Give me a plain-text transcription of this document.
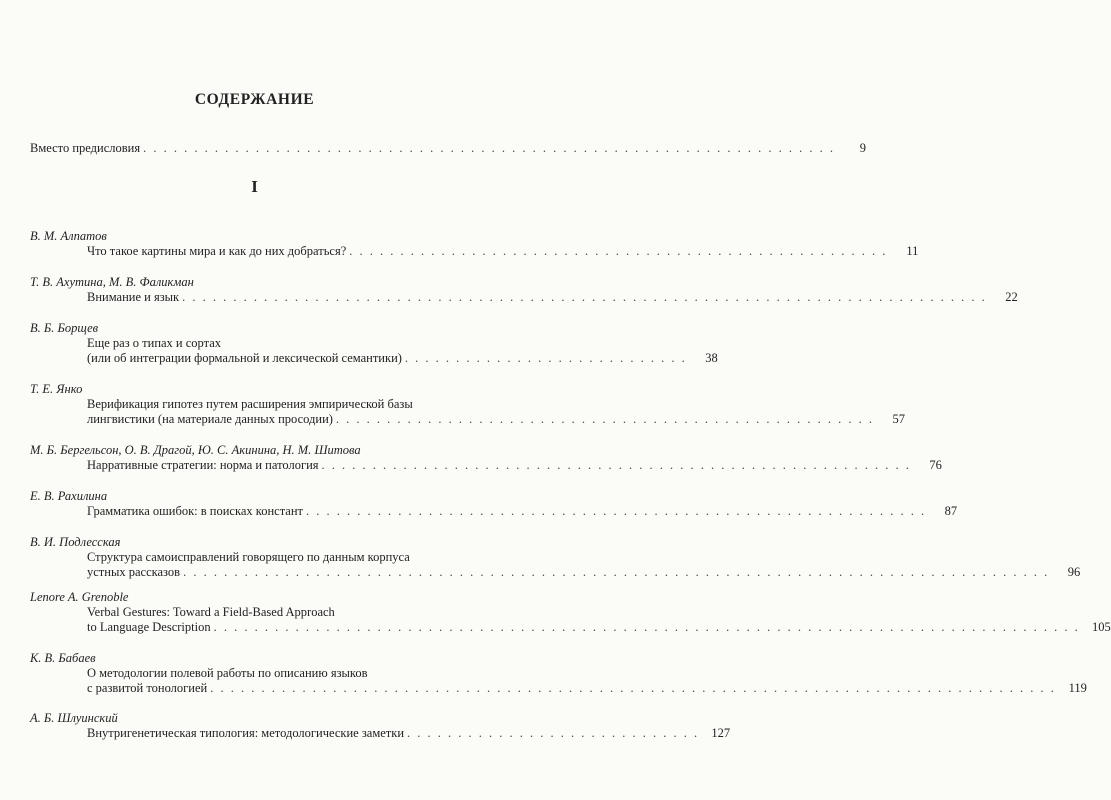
СОДЕРЖАНИЕ
Вместо предисловия . . . . . . . . . . . . . . . . . . . . . . . . . . . . . . . . . . . . . . . . . . . . . . . . . . . . . . . . . . . . . . . . . . . .	9
I
В. М. Алпатов
Что такое картины мира и как до них добраться? . . . . . . . . . . . . . . . . . . . . . . . . . . . . . . . . . . . . . . . . . . . . . . . . . . . . .	11
Т. В. Ахутина, М. В. Фаликман
Внимание и язык . . . . . . . . . . . . . . . . . . . . . . . . . . . . . . . . . . . . . . . . . . . . . . . . . . . . . . . . . . . . . . . . . . . . . . . . . . . . . . .	22
В. Б. Борщев
Еще раз о типах и сортах
(или об интеграции формальной и лексической семантики) . . . . . . . . . . . . . . . . . . . . . . . . . . . .	38
Т. Е. Янко
Верификация гипотез путем расширения эмпирической базы
лингвистики (на материале данных просодии) . . . . . . . . . . . . . . . . . . . . . . . . . . . . . . . . . . . . . . . . . . . . . . . . . . . . .	57
М. Б. Бергельсон, О. В. Драгой, Ю. С. Акинина, Н. М. Шитова
Нарративные стратегии: норма и патология . . . . . . . . . . . . . . . . . . . . . . . . . . . . . . . . . . . . . . . . . . . . . . . . . . . . . . . . . .	76
Е. В. Рахилина
Грамматика ошибок: в поисках констант . . . . . . . . . . . . . . . . . . . . . . . . . . . . . . . . . . . . . . . . . . . . . . . . . . . . . . . . . . . . .	87
В. И. Подлесская
Структура самоисправлений говорящего по данным корпуса
устных рассказов . . . . . . . . . . . . . . . . . . . . . . . . . . . . . . . . . . . . . . . . . . . . . . . . . . . . . . . . . . . . . . . . . . . . . . . . . . . . . . . . . . . . .	96
Lenore A. Grenoble
Verbal Gestures: Toward a Field-Based Approach
to Language Description . . . . . . . . . . . . . . . . . . . . . . . . . . . . . . . . . . . . . . . . . . . . . . . . . . . . . . . . . . . . . . . . . . . . . . . . . . . . . . . . . . . . . 105
К. В. Бабаев
О методологии полевой работы по описанию языков
с развитой тонологией . . . . . . . . . . . . . . . . . . . . . . . . . . . . . . . . . . . . . . . . . . . . . . . . . . . . . . . . . . . . . . . . . . . . . . . . . . . . . . . . . . .	119
А. Б. Шлуинский
Внутригенетическая типология: методологические заметки . . . . . . . . . . . . . . . . . . . . . . . . . . . . . 127
